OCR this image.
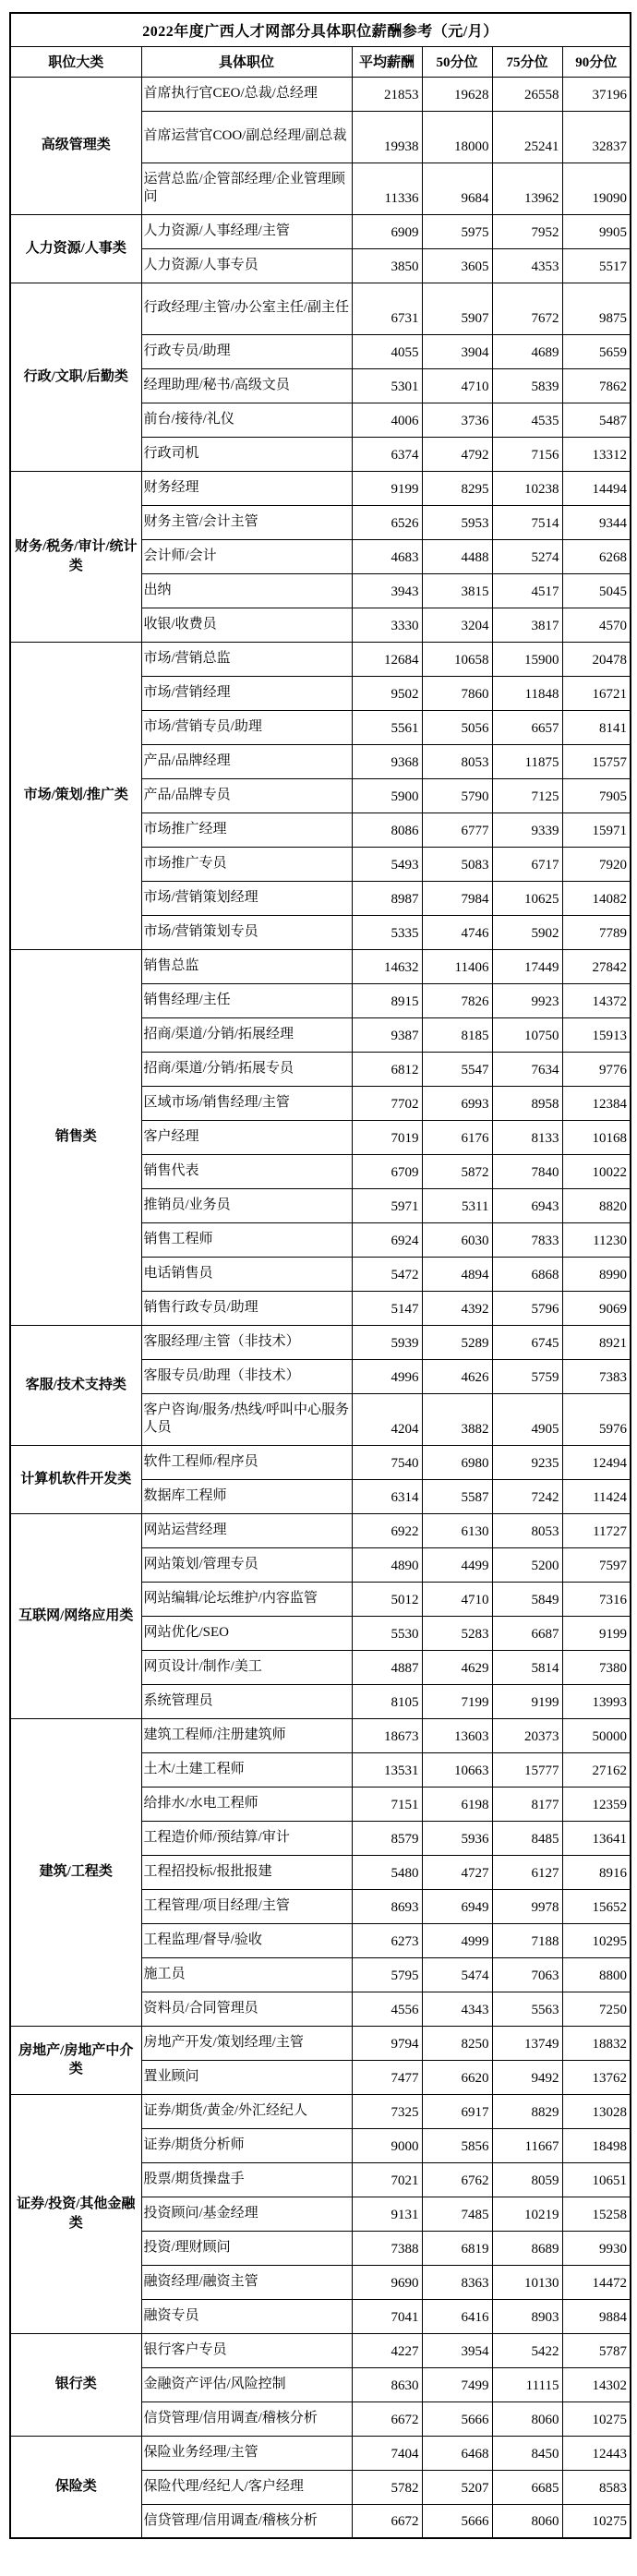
2022年度广西人才网部分具体职位薪酬参考（元/月）					
职位大类	具体职位	平均薪酬	50分位	75分位	90分位
高级管理类	首席执行官CEO/总裁/总经理	21853	19628	26558	37196
	首席运营官COO/副总经理/副总裁	19938	18000	25241	32837
	运营总监/企管部经理/企业管理顾问	11336	9684	13962	19090
人力资源/人事类	人力资源/人事经理/主管	6909	5975	7952	9905
	人力资源/人事专员	3850	3605	4353	5517
行政/文职/后勤类	行政经理/主管/办公室主任/副主任	6731	5907	7672	9875
	行政专员/助理	4055	3904	4689	5659
	经理助理/秘书/高级文员	5301	4710	5839	7862
	前台/接待/礼仪	4006	3736	4535	5487
	行政司机	6374	4792	7156	13312
财务/税务/审计/统计类	财务经理	9199	8295	10238	14494
	财务主管/会计主管	6526	5953	7514	9344
	会计师/会计	4683	4488	5274	6268
	出纳	3943	3815	4517	5045
	收银/收费员	3330	3204	3817	4570
市场/策划/推广类	市场/营销总监	12684	10658	15900	20478
	市场/营销经理	9502	7860	11848	16721
	市场/营销专员/助理	5561	5056	6657	8141
	产品/品牌经理	9368	8053	11875	15757
	产品/品牌专员	5900	5790	7125	7905
	市场推广经理	8086	6777	9339	15971
	市场推广专员	5493	5083	6717	7920
	市场/营销策划经理	8987	7984	10625	14082
	市场/营销策划专员	5335	4746	5902	7789
销售类	销售总监	14632	11406	17449	27842
	销售经理/主任	8915	7826	9923	14372
	招商/渠道/分销/拓展经理	9387	8185	10750	15913
	招商/渠道/分销/拓展专员	6812	5547	7634	9776
	区域市场/销售经理/主管	7702	6993	8958	12384
	客户经理	7019	6176	8133	10168
	销售代表	6709	5872	7840	10022
	推销员/业务员	5971	5311	6943	8820
	销售工程师	6924	6030	7833	11230
	电话销售员	5472	4894	6868	8990
	销售行政专员/助理	5147	4392	5796	9069
客服/技术支持类	客服经理/主管（非技术）	5939	5289	6745	8921
	客服专员/助理（非技术）	4996	4626	5759	7383
	客户咨询/服务/热线/呼叫中心服务人员	4204	3882	4905	5976
计算机软件开发类	软件工程师/程序员	7540	6980	9235	12494
	数据库工程师	6314	5587	7242	11424
互联网/网络应用类	网站运营经理	6922	6130	8053	11727
	网站策划/管理专员	4890	4499	5200	7597
	网站编辑/论坛维护/内容监管	5012	4710	5849	7316
	网站优化/SEO	5530	5283	6687	9199
	网页设计/制作/美工	4887	4629	5814	7380
	系统管理员	8105	7199	9199	13993
建筑/工程类	建筑工程师/注册建筑师	18673	13603	20373	50000
	土木/土建工程师	13531	10663	15777	27162
	给排水/水电工程师	7151	6198	8177	12359
	工程造价师/预结算/审计	8579	5936	8485	13641
	工程招投标/报批报建	5480	4727	6127	8916
	工程管理/项目经理/主管	8693	6949	9978	15652
	工程监理/督导/验收	6273	4999	7188	10295
	施工员	5795	5474	7063	8800
	资料员/合同管理员	4556	4343	5563	7250
房地产/房地产中介类	房地产开发/策划经理/主管	9794	8250	13749	18832
	置业顾问	7477	6620	9492	13762
证券/投资/其他金融类	证券/期货/黄金/外汇经纪人	7325	6917	8829	13028
	证券/期货分析师	9000	5856	11667	18498
	股票/期货操盘手	7021	6762	8059	10651
	投资顾问/基金经理	9131	7485	10219	15258
	投资/理财顾问	7388	6819	8689	9930
	融资经理/融资主管	9690	8363	10130	14472
	融资专员	7041	6416	8903	9884
银行类	银行客户专员	4227	3954	5422	5787
	金融资产评估/风险控制	8630	7499	11115	14302
	信贷管理/信用调查/稽核分析	6672	5666	8060	10275
保险类	保险业务经理/主管	7404	6468	8450	12443
	保险代理/经纪人/客户经理	5782	5207	6685	8583
	信贷管理/信用调查/稽核分析	6672	5666	8060	10275
